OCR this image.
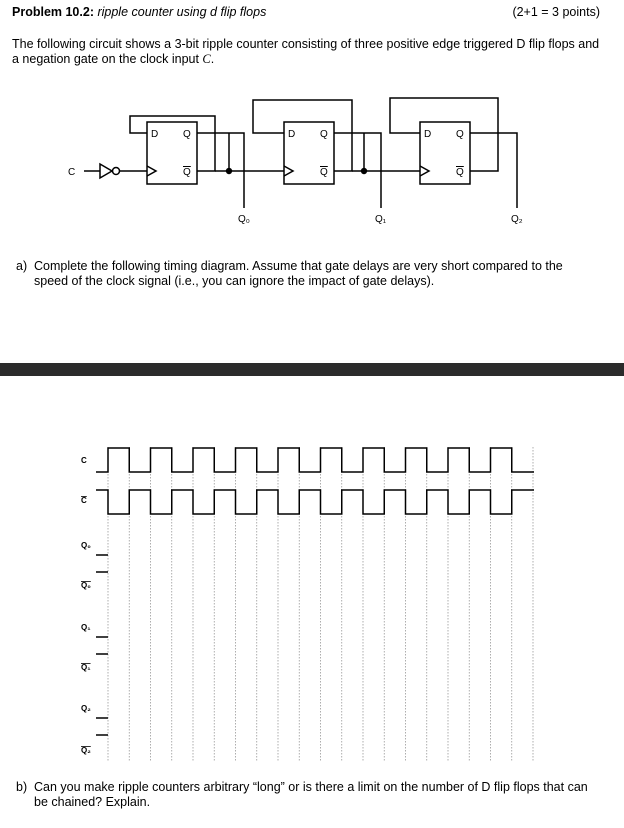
Problem 10.2: ripple counter using d flip flops	(2+1 = 3 points)
The following circuit shows a 3-bit ripple counter consisting of three positive edge triggered D flip flops and a negation gate on the clock input C.
C
D Q
Q
D Q
Q
D Q
Q
Q₀	Q₁	Q₂
a) Complete the following timing diagram. Assume that gate delays are very short compared to the speed of the clock signal (i.e., you can ignore the impact of gate delays).
C
C
Q₀
Q₀
Q₁
Q₁
Q₂
Q₂
b) Can you make ripple counters arbitrary “long” or is there a limit on the number of D flip flops that can be chained? Explain.
